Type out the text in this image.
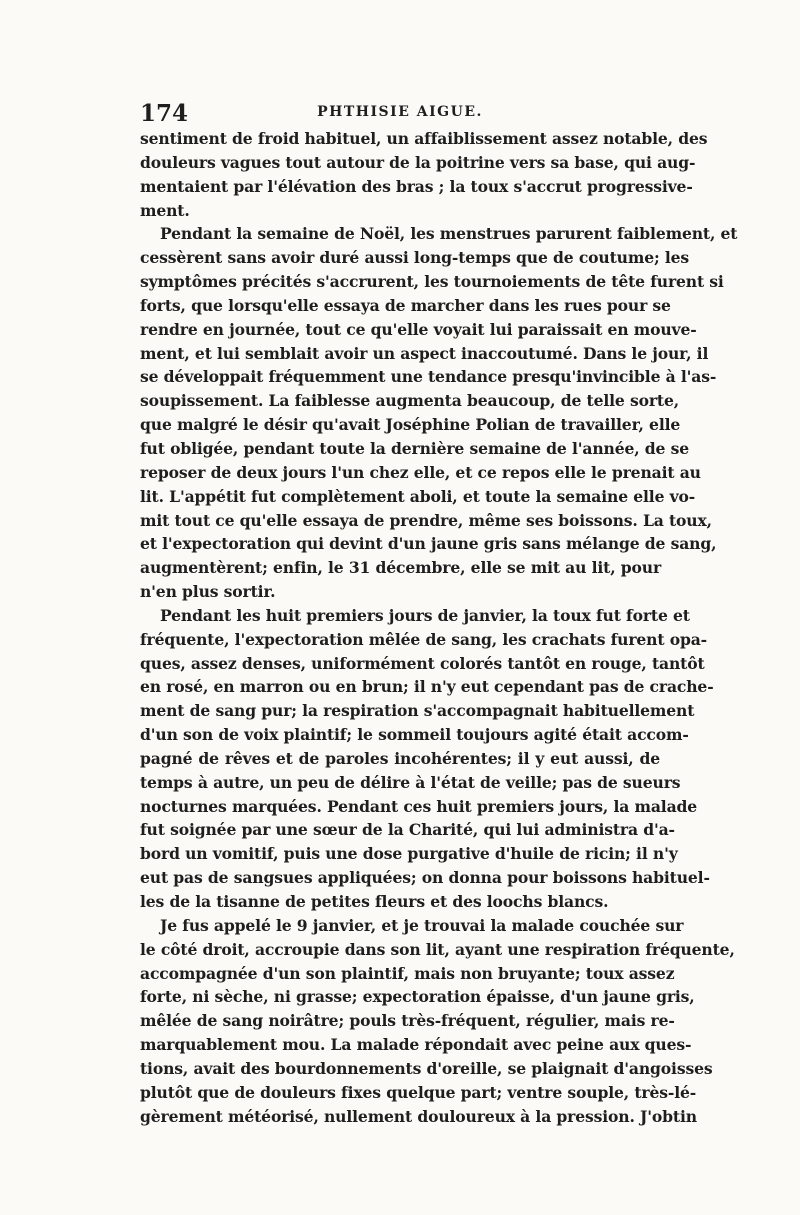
174	PHTHISIE AIGUE.
sentiment de froid habituel, un affaiblissement assez notable, des
douleurs vagues tout autour de la poitrine vers sa base, qui aug-
mentaient par l'élévation des bras ; la toux s'accrut progressive-
ment.
Pendant la semaine de Noël, les menstrues parurent faiblement, et
cessèrent sans avoir duré aussi long-temps que de coutume; les
symptômes précités s'accrurent, les tournoiements de tête furent si
forts, que lorsqu'elle essaya de marcher dans les rues pour se
rendre en journée, tout ce qu'elle voyait lui paraissait en mouve-
ment, et lui semblait avoir un aspect inaccoutumé. Dans le jour, il
se développait fréquemment une tendance presqu'invincible à l'as-
soupissement. La faiblesse augmenta beaucoup, de telle sorte,
que malgré le désir qu'avait Joséphine Polian de travailler, elle
fut obligée, pendant toute la dernière semaine de l'année, de se
reposer de deux jours l'un chez elle, et ce repos elle le prenait au
lit. L'appétit fut complètement aboli, et toute la semaine elle vo-
mit tout ce qu'elle essaya de prendre, même ses boissons. La toux,
et l'expectoration qui devint d'un jaune gris sans mélange de sang,
augmentèrent; enfin, le 31 décembre, elle se mit au lit, pour
n'en plus sortir.
Pendant les huit premiers jours de janvier, la toux fut forte et
fréquente, l'expectoration mêlée de sang, les crachats furent opa-
ques, assez denses, uniformément colorés tantôt en rouge, tantôt
en rosé, en marron ou en brun; il n'y eut cependant pas de crache-
ment de sang pur; la respiration s'accompagnait habituellement
d'un son de voix plaintif; le sommeil toujours agité était accom-
pagné de rêves et de paroles incohérentes; il y eut aussi, de
temps à autre, un peu de délire à l'état de veille; pas de sueurs
nocturnes marquées. Pendant ces huit premiers jours, la malade
fut soignée par une sœur de la Charité, qui lui administra d'a-
bord un vomitif, puis une dose purgative d'huile de ricin; il n'y
eut pas de sangsues appliquées; on donna pour boissons habituel-
les de la tisanne de petites fleurs et des loochs blancs.
Je fus appelé le 9 janvier, et je trouvai la malade couchée sur
le côté droit, accroupie dans son lit, ayant une respiration fréquente,
accompagnée d'un son plaintif, mais non bruyante; toux assez
forte, ni sèche, ni grasse; expectoration épaisse, d'un jaune gris,
mêlée de sang noirâtre; pouls très-fréquent, régulier, mais re-
marquablement mou. La malade répondait avec peine aux ques-
tions, avait des bourdonnements d'oreille, se plaignait d'angoisses
plutôt que de douleurs fixes quelque part; ventre souple, très-lé-
gèrement météorisé, nullement douloureux à la pression. J'obtin
